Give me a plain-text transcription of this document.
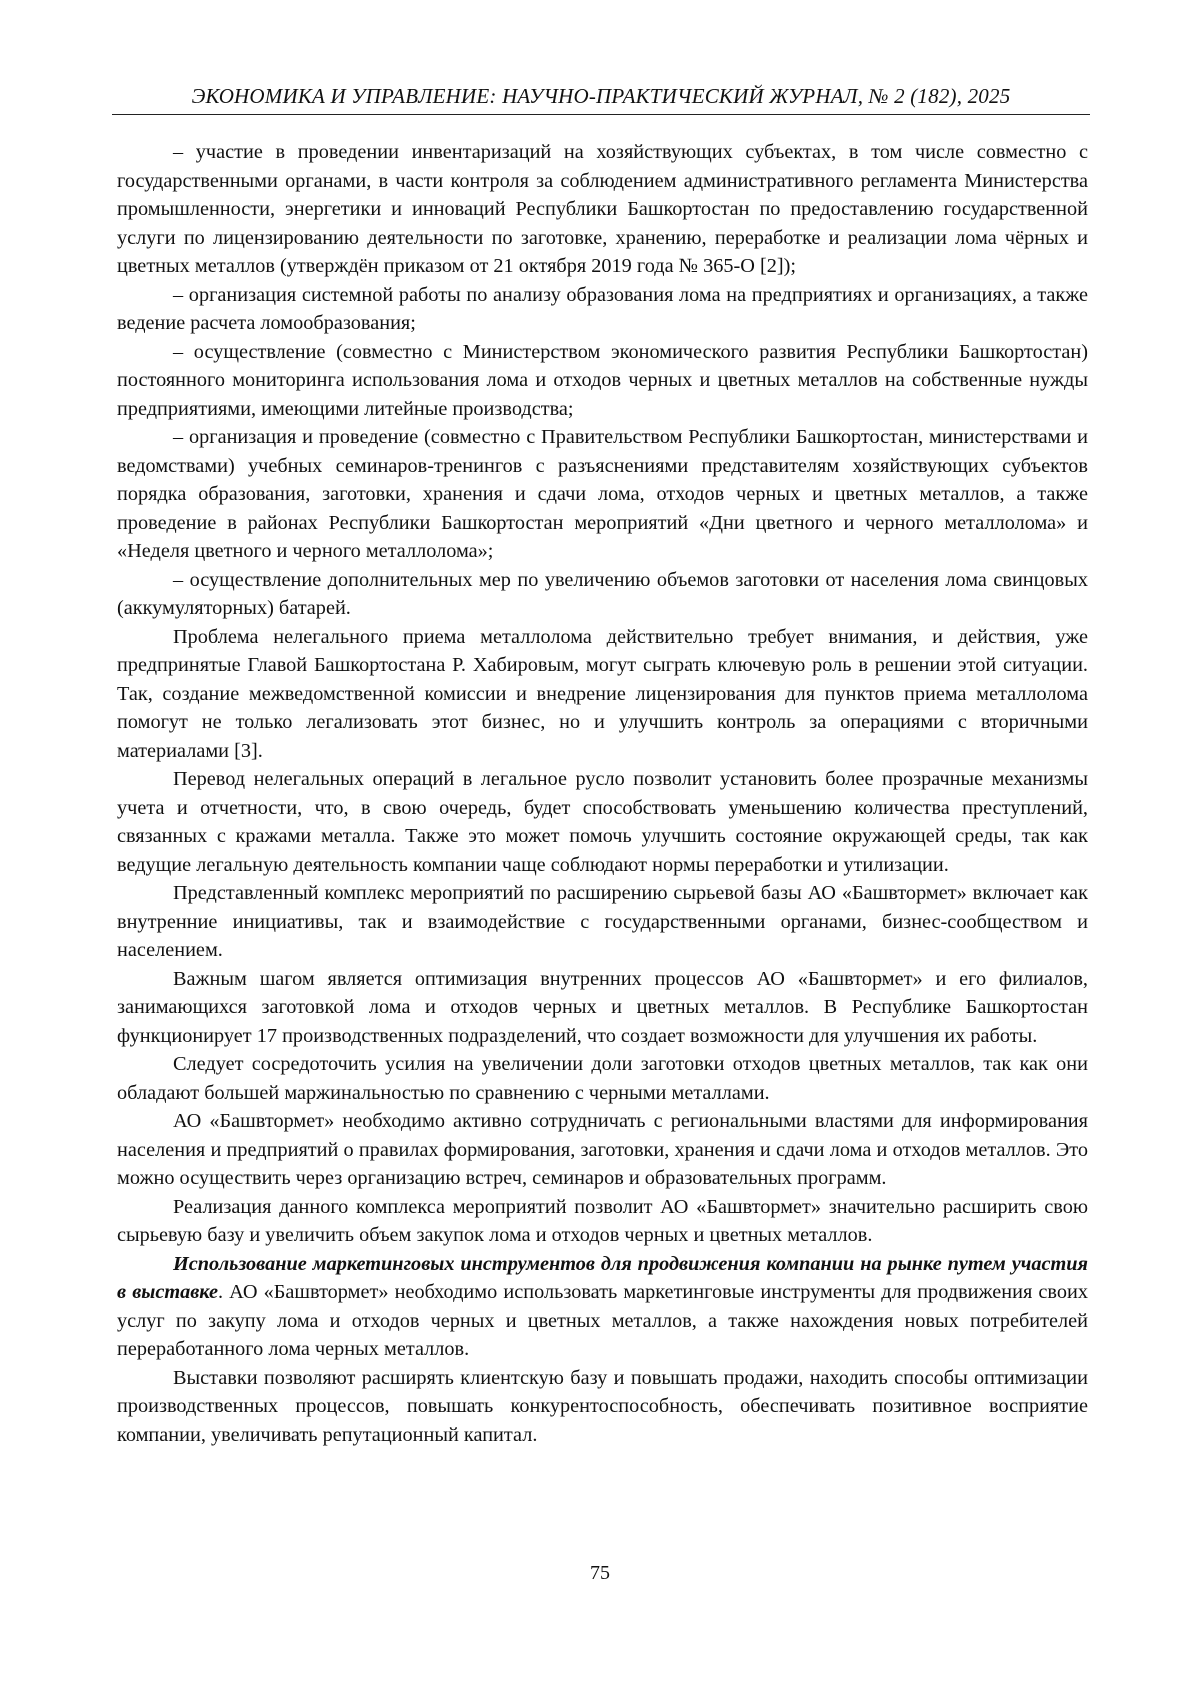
ЭКОНОМИКА И УПРАВЛЕНИЕ: НАУЧНО-ПРАКТИЧЕСКИЙ ЖУРНАЛ, № 2 (182), 2025

– участие в проведении инвентаризаций на хозяйствующих субъектах, в том числе совместно с государственными органами, в части контроля за соблюдением административного регламента Министерства промышленности, энергетики и инноваций Республики Башкортостан по предоставлению государственной услуги по лицензированию деятельности по заготовке, хранению, переработке и реализации лома чёрных и цветных металлов (утверждён приказом от 21 октября 2019 года № 365-О [2]);

– организация системной работы по анализу образования лома на предприятиях и организациях, а также ведение расчета ломообразования;

– осуществление (совместно с Министерством экономического развития Республики Башкортостан) постоянного мониторинга использования лома и отходов черных и цветных металлов на собственные нужды предприятиями, имеющими литейные производства;

– организация и проведение (совместно с Правительством Республики Башкортостан, министерствами и ведомствами) учебных семинаров-тренингов с разъяснениями представителям хозяйствующих субъектов порядка образования, заготовки, хранения и сдачи лома, отходов черных и цветных металлов, а также проведение в районах Республики Башкортостан мероприятий «Дни цветного и черного металлолома» и «Неделя цветного и черного металлолома»;

– осуществление дополнительных мер по увеличению объемов заготовки от населения лома свинцовых (аккумуляторных) батарей.

Проблема нелегального приема металлолома действительно требует внимания, и действия, уже предпринятые Главой Башкортостана Р. Хабировым, могут сыграть ключевую роль в решении этой ситуации. Так, создание межведомственной комиссии и внедрение лицензирования для пунктов приема металлолома помогут не только легализовать этот бизнес, но и улучшить контроль за операциями с вторичными материалами [3].

Перевод нелегальных операций в легальное русло позволит установить более прозрачные механизмы учета и отчетности, что, в свою очередь, будет способствовать уменьшению количества преступлений, связанных с кражами металла. Также это может помочь улучшить состояние окружающей среды, так как ведущие легальную деятельность компании чаще соблюдают нормы переработки и утилизации.

Представленный комплекс мероприятий по расширению сырьевой базы АО «Башвтормет» включает как внутренние инициативы, так и взаимодействие с государственными органами, бизнес-сообществом и населением.

Важным шагом является оптимизация внутренних процессов АО «Башвтормет» и его филиалов, занимающихся заготовкой лома и отходов черных и цветных металлов. В Республике Башкортостан функционирует 17 производственных подразделений, что создает возможности для улучшения их работы.

Следует сосредоточить усилия на увеличении доли заготовки отходов цветных металлов, так как они обладают большей маржинальностью по сравнению с черными металлами.

АО «Башвтормет» необходимо активно сотрудничать с региональными властями для информирования населения и предприятий о правилах формирования, заготовки, хранения и сдачи лома и отходов металлов. Это можно осуществить через организацию встреч, семинаров и образовательных программ.

Реализация данного комплекса мероприятий позволит АО «Башвтормет» значительно расширить свою сырьевую базу и увеличить объем закупок лома и отходов черных и цветных металлов.

Использование маркетинговых инструментов для продвижения компании на рынке путем участия в выставке. АО «Башвтормет» необходимо использовать маркетинговые инструменты для продвижения своих услуг по закупу лома и отходов черных и цветных металлов, а также нахождения новых потребителей переработанного лома черных металлов.

Выставки позволяют расширять клиентскую базу и повышать продажи, находить способы оптимизации производственных процессов, повышать конкурентоспособность, обеспечивать позитивное восприятие компании, увеличивать репутационный капитал.

75
